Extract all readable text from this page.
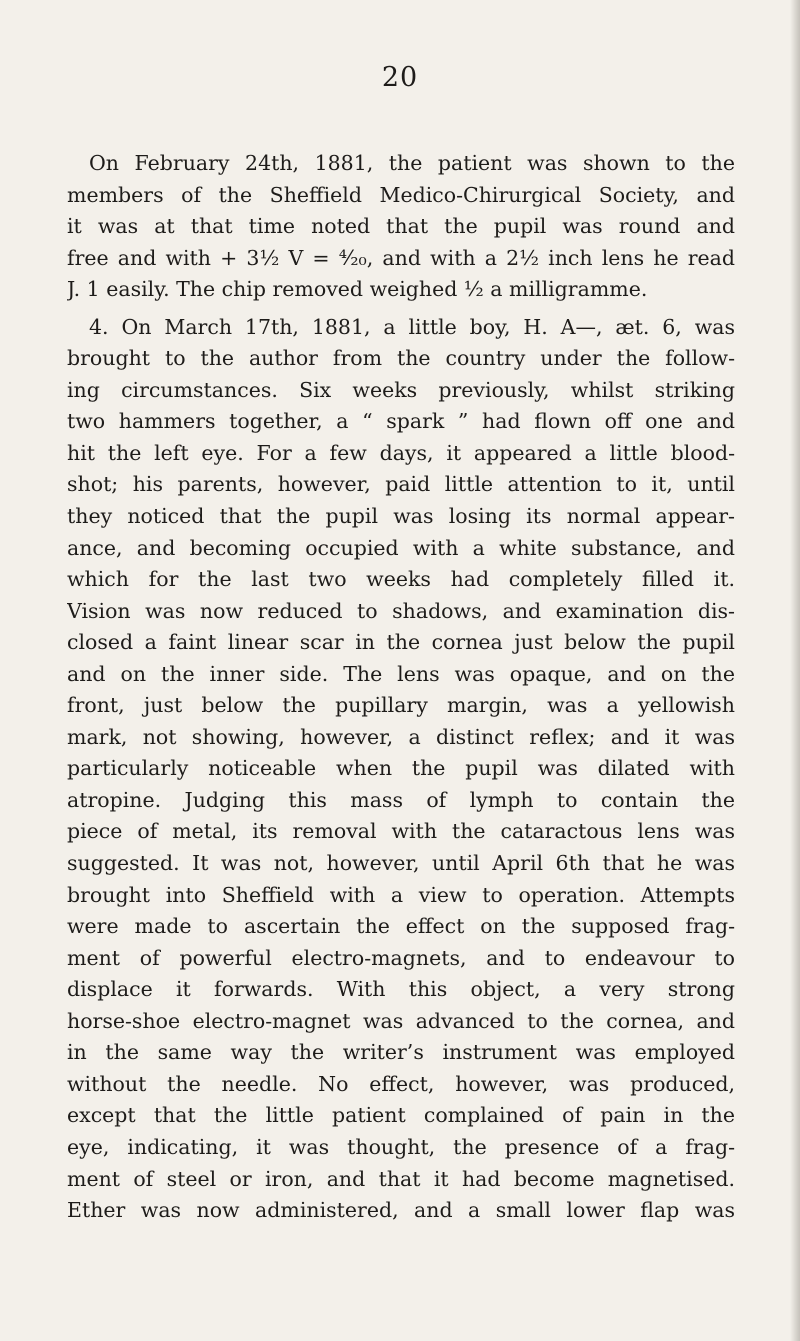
20
On February 24th, 1881, the patient was shown to the
members of the Sheffield Medico-Chirurgical Society, and
it was at that time noted that the pupil was round and
free and with + 3½ V = ⁴⁄₂₀, and with a 2½ inch lens he read
J. 1 easily. The chip removed weighed ½ a milligramme.
4. On March 17th, 1881, a little boy, H. A—, æt. 6, was
brought to the author from the country under the follow-
ing circumstances. Six weeks previously, whilst striking
two hammers together, a “ spark ” had flown off one and
hit the left eye. For a few days, it appeared a little blood-
shot; his parents, however, paid little attention to it, until
they noticed that the pupil was losing its normal appear-
ance, and becoming occupied with a white substance, and
which for the last two weeks had completely filled it.
Vision was now reduced to shadows, and examination dis-
closed a faint linear scar in the cornea just below the pupil
and on the inner side. The lens was opaque, and on the
front, just below the pupillary margin, was a yellowish
mark, not showing, however, a distinct reflex; and it was
particularly noticeable when the pupil was dilated with
atropine. Judging this mass of lymph to contain the
piece of metal, its removal with the cataractous lens was
suggested. It was not, however, until April 6th that he was
brought into Sheffield with a view to operation. Attempts
were made to ascertain the effect on the supposed frag-
ment of powerful electro-magnets, and to endeavour to
displace it forwards. With this object, a very strong
horse-shoe electro-magnet was advanced to the cornea, and
in the same way the writer’s instrument was employed
without the needle. No effect, however, was produced,
except that the little patient complained of pain in the
eye, indicating, it was thought, the presence of a frag-
ment of steel or iron, and that it had become magnetised.
Ether was now administered, and a small lower flap was
